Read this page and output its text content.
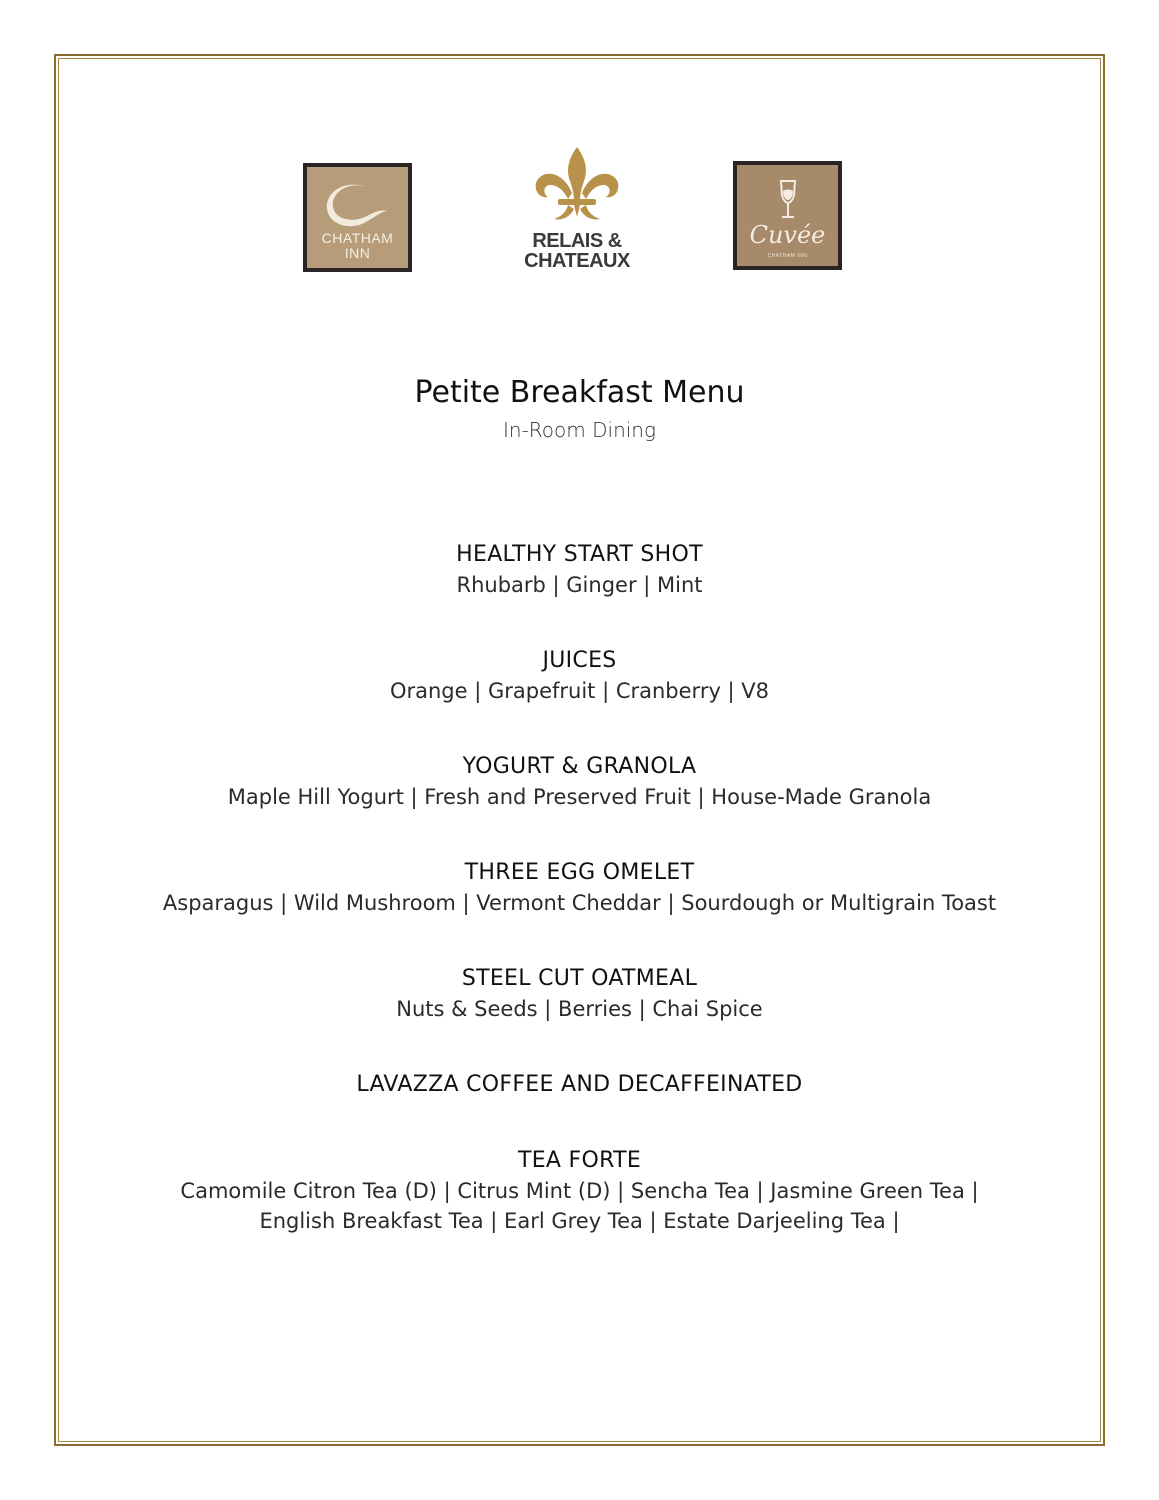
CHATHAM
INN
RELAIS &
CHATEAUX
Cuvée
CHATHAM INN
Petite Breakfast Menu
In-Room Dining
HEALTHY START SHOT
Rhubarb | Ginger | Mint
JUICES
Orange | Grapefruit | Cranberry | V8
YOGURT & GRANOLA
Maple Hill Yogurt | Fresh and Preserved Fruit | House-Made Granola
THREE EGG OMELET
Asparagus | Wild Mushroom | Vermont Cheddar | Sourdough or Multigrain Toast
STEEL CUT OATMEAL
Nuts & Seeds | Berries | Chai Spice
LAVAZZA COFFEE AND DECAFFEINATED
TEA FORTE
Camomile Citron Tea (D) | Citrus Mint (D) | Sencha Tea | Jasmine Green Tea |
English Breakfast Tea | Earl Grey Tea | Estate Darjeeling Tea |
